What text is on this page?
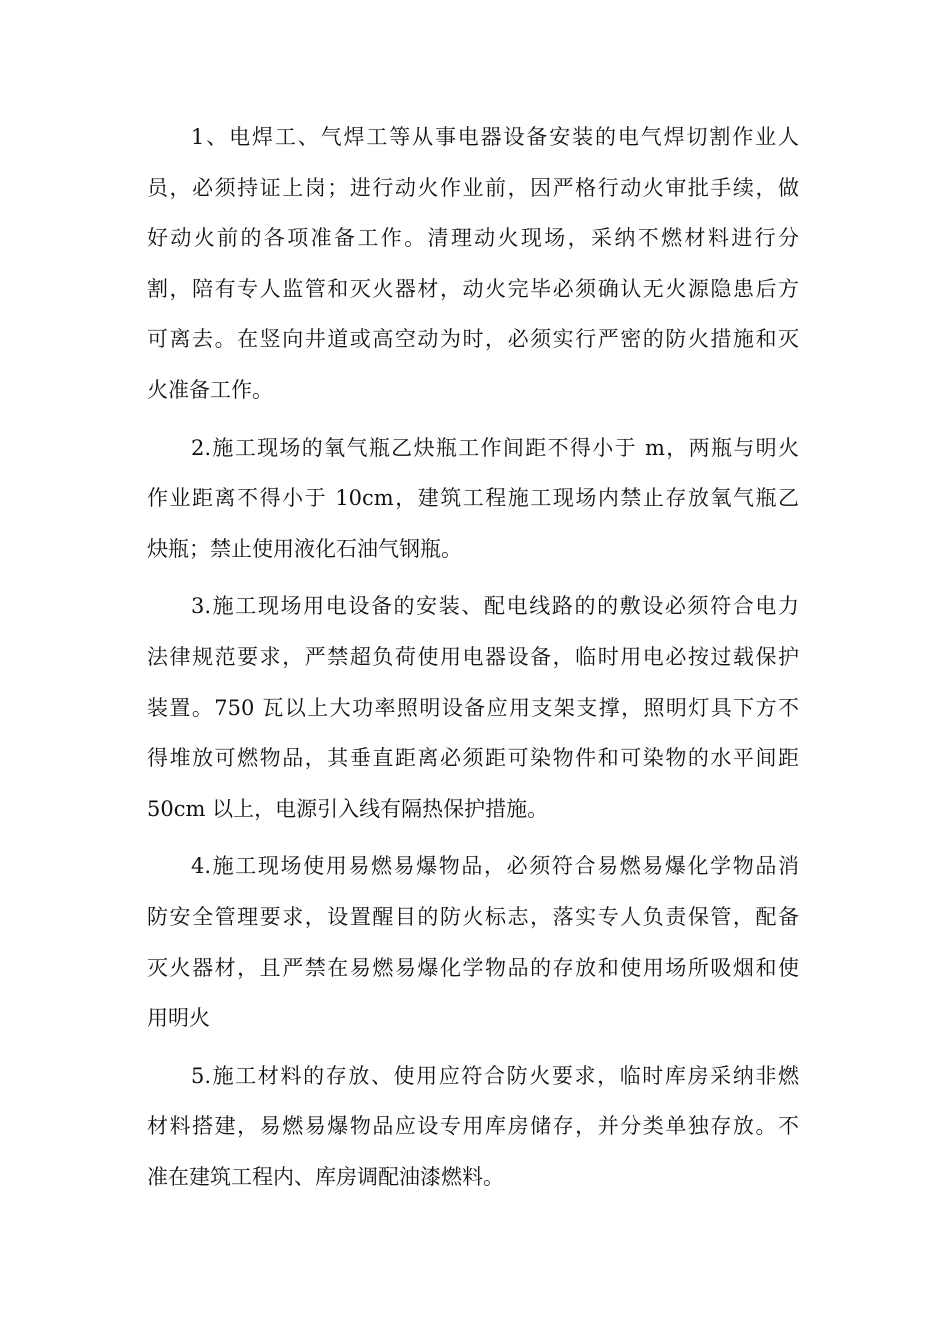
1、电焊工、气焊工等从事电器设备安装的电气焊切割作业人
员，必须持证上岗；进行动火作业前，因严格行动火审批手续，做
好动火前的各项准备工作。清理动火现场，采纳不燃材料进行分
割，陪有专人监管和灭火器材，动火完毕必须确认无火源隐患后方
可离去。在竖向井道或高空动为时，必须实行严密的防火措施和灭
火准备工作。
2.施工现场的氧气瓶乙炔瓶工作间距不得小于 m，两瓶与明火
作业距离不得小于 10cm，建筑工程施工现场内禁止存放氧气瓶乙
炔瓶；禁止使用液化石油气钢瓶。
3.施工现场用电设备的安装、配电线路的的敷设必须符合电力
法律规范要求，严禁超负荷使用电器设备，临时用电必按过载保护
装置。750 瓦以上大功率照明设备应用支架支撑，照明灯具下方不
得堆放可燃物品，其垂直距离必须距可染物件和可染物的水平间距
50cm 以上，电源引入线有隔热保护措施。
4.施工现场使用易燃易爆物品，必须符合易燃易爆化学物品消
防安全管理要求，设置醒目的防火标志，落实专人负责保管，配备
灭火器材，且严禁在易燃易爆化学物品的存放和使用场所吸烟和使
用明火
5.施工材料的存放、使用应符合防火要求，临时库房采纳非燃
材料搭建，易燃易爆物品应设专用库房储存，并分类单独存放。不
准在建筑工程内、库房调配油漆燃料。
